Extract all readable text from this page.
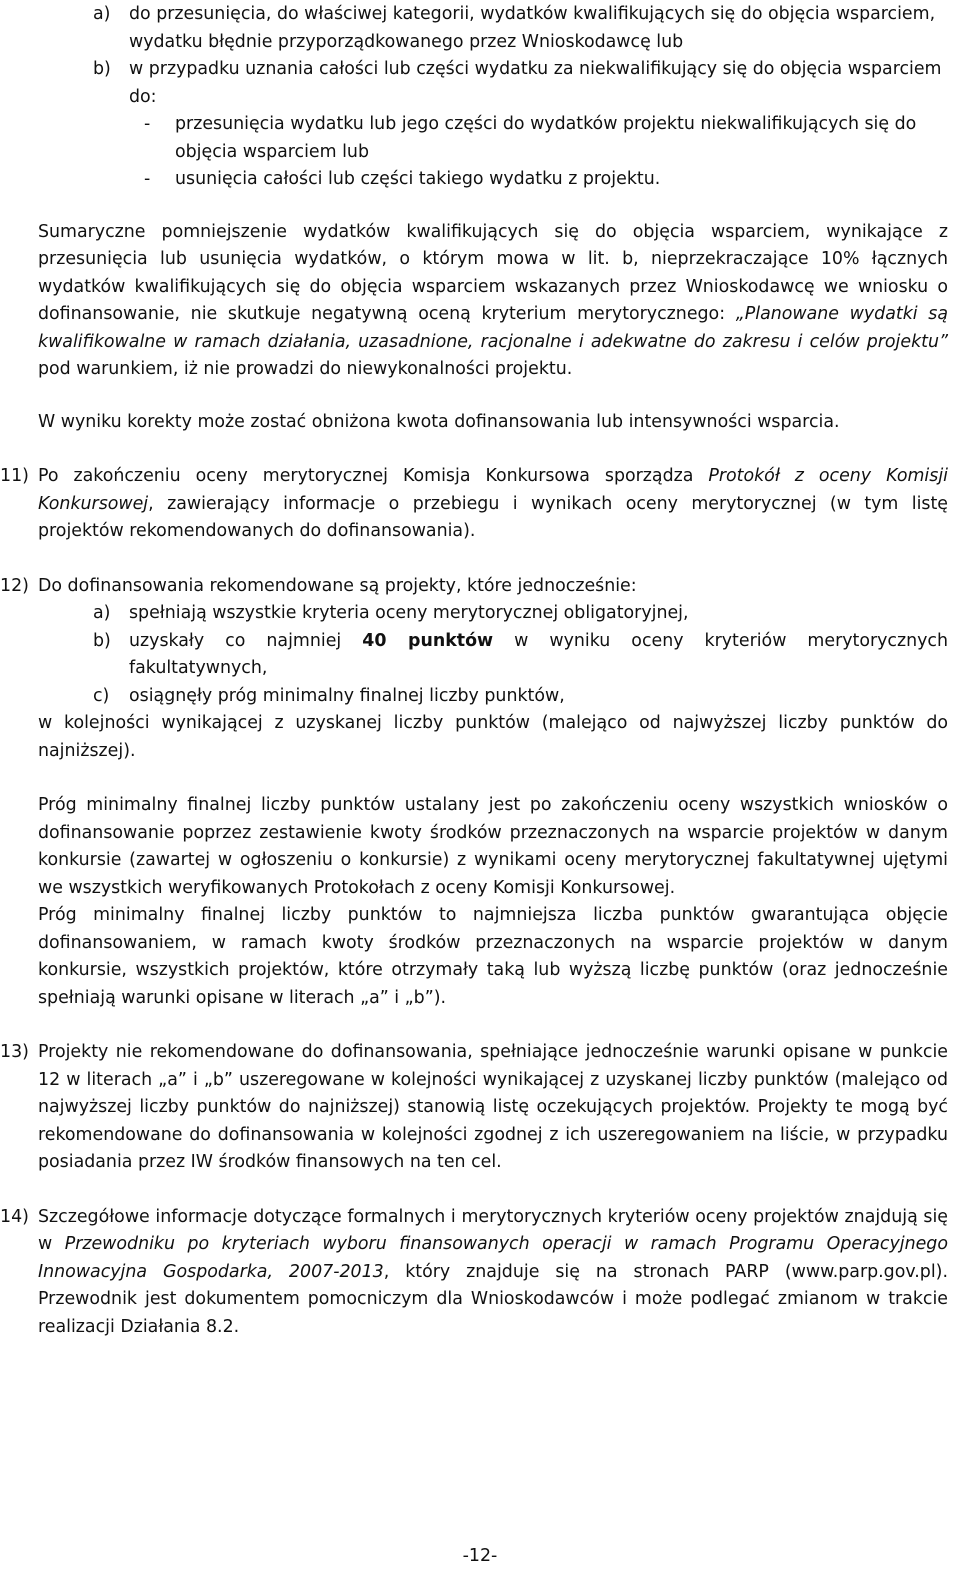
a)	do przesunięcia, do właściwej kategorii, wydatków kwalifikujących się do objęcia wsparciem, wydatku błędnie przyporządkowanego przez Wnioskodawcę lub
b)	w przypadku uznania całości lub części wydatku za niekwalifikujący się do objęcia wsparciem do:
-	przesunięcia wydatku lub jego części do wydatków projektu niekwalifikujących się do objęcia wsparciem lub
-	usunięcia całości lub części takiego wydatku z projektu.

Sumaryczne pomniejszenie wydatków kwalifikujących się do objęcia wsparciem, wynikające z przesunięcia lub usunięcia wydatków, o którym mowa w lit. b, nieprzekraczające 10% łącznych wydatków kwalifikujących się do objęcia wsparciem wskazanych przez Wnioskodawcę we wniosku o dofinansowanie, nie skutkuje negatywną oceną kryterium merytorycznego: „Planowane wydatki są kwalifikowalne w ramach działania, uzasadnione, racjonalne i adekwatne do zakresu i celów projektu” pod warunkiem, iż nie prowadzi do niewykonalności projektu.

W wyniku korekty może zostać obniżona kwota dofinansowania lub intensywności wsparcia.

11) Po zakończeniu oceny merytorycznej Komisja Konkursowa sporządza Protokół z oceny Komisji Konkursowej, zawierający informacje o przebiegu i wynikach oceny merytorycznej (w tym listę projektów rekomendowanych do dofinansowania).
12) Do dofinansowania rekomendowane są projekty, które jednocześnie:
a)	spełniają wszystkie kryteria oceny merytorycznej obligatoryjnej,
b)	uzyskały co najmniej 40 punktów w wyniku oceny kryteriów merytorycznych fakultatywnych,
c)	osiągnęły próg minimalny finalnej liczby punktów,

w kolejności wynikającej z uzyskanej liczby punktów (malejąco od najwyższej liczby punktów do najniższej).

Próg minimalny finalnej liczby punktów ustalany jest po zakończeniu oceny wszystkich wniosków o dofinansowanie poprzez zestawienie kwoty środków przeznaczonych na wsparcie projektów w danym konkursie (zawartej w ogłoszeniu o konkursie) z wynikami oceny merytorycznej fakultatywnej ujętymi we wszystkich weryfikowanych Protokołach z oceny Komisji Konkursowej.

Próg minimalny finalnej liczby punktów to najmniejsza liczba punktów gwarantująca objęcie dofinansowaniem, w ramach kwoty środków przeznaczonych na wsparcie projektów w danym konkursie, wszystkich projektów, które otrzymały taką lub wyższą liczbę punktów (oraz jednocześnie spełniają warunki opisane w literach „a” i „b”).

13) Projekty nie rekomendowane do dofinansowania, spełniające jednocześnie warunki opisane w punkcie 12 w literach „a” i „b” uszeregowane w kolejności wynikającej z uzyskanej liczby punktów (malejąco od najwyższej liczby punktów do najniższej) stanowią listę oczekujących projektów. Projekty te mogą być rekomendowane do dofinansowania w kolejności zgodnej z ich uszeregowaniem na liście, w przypadku posiadania przez IW środków finansowych na ten cel.
14) Szczegółowe informacje dotyczące formalnych i merytorycznych kryteriów oceny projektów znajdują się w Przewodniku po kryteriach wyboru finansowanych operacji w ramach Programu Operacyjnego Innowacyjna Gospodarka, 2007-2013, który znajduje się na stronach PARP (www.parp.gov.pl). Przewodnik jest dokumentem pomocniczym dla Wnioskodawców i może podlegać zmianom w trakcie realizacji Działania 8.2.
-12-
